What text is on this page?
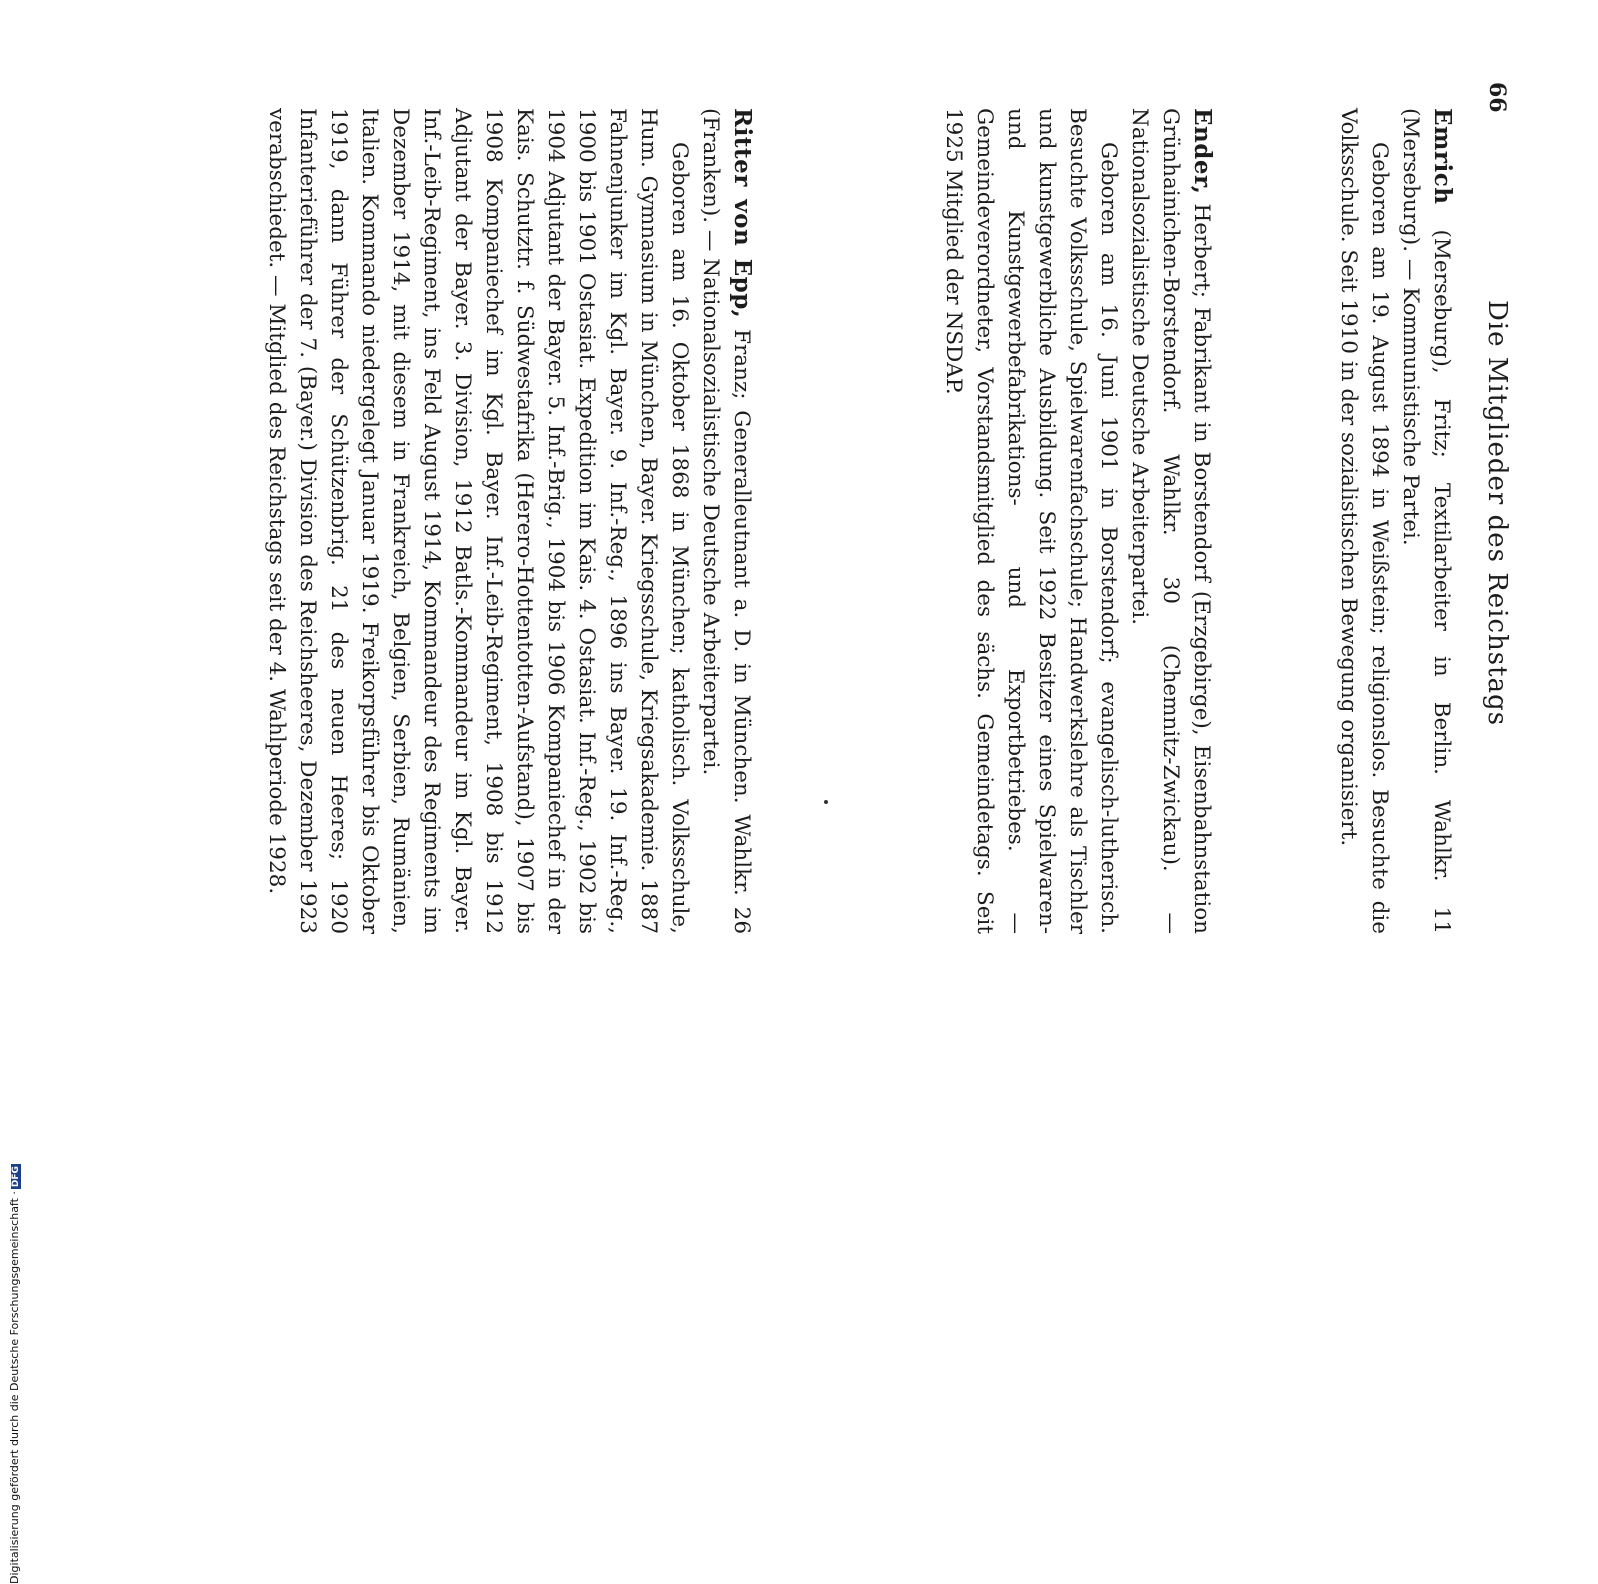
66
Die Mitglieder des Reichstags

Emrich (Merseburg), Fritz; Textilarbeiter in Berlin. Wahlkr. 11 (Merseburg). — Kommunistische Partei.

Geboren am 19. August 1894 in Weißstein; religionslos. Besuchte die Volksschule. Seit 1910 in der sozialistischen Bewegung organisiert.

Ender, Herbert; Fabrikant in Borstendorf (Erzgebirge), Eisenbahnstation Grünhainichen-Borstendorf. Wahlkr. 30 (Chemnitz-Zwickau). — Nationalsozialistische Deutsche Arbeiterpartei.

Geboren am 16. Juni 1901 in Borstendorf; evangelisch-lutherisch. Besuchte Volksschule, Spielwarenfachschule; Handwerkslehre als Tischler und kunstgewerbliche Ausbildung. Seit 1922 Besitzer eines Spielwaren- und Kunstgewerbefabrikations- und Exportbetriebes. — Gemeindeverordneter, Vorstandsmitglied des sächs. Gemeindetags. Seit 1925 Mitglied der NSDAP.

Ritter von Epp, Franz; Generalleutnant a. D. in München. Wahlkr. 26 (Franken). — Nationalsozialistische Deutsche Arbeiterpartei.

Geboren am 16. Oktober 1868 in München; katholisch. Volksschule, Hum. Gymnasium in München, Bayer. Kriegsschule, Kriegsakademie. 1887 Fahnenjunker im Kgl. Bayer. 9. Inf.-Reg., 1896 ins Bayer. 19. Inf.-Reg., 1900 bis 1901 Ostasiat. Expedition im Kais. 4. Ostasiat. Inf.-Reg., 1902 bis 1904 Adjutant der Bayer. 5. Inf.-Brig., 1904 bis 1906 Kompaniechef in der Kais. Schutztr. f. Südwestafrika (Herero-Hottentotten-Aufstand), 1907 bis 1908 Kompaniechef im Kgl. Bayer. Inf.-Leib-Regiment, 1908 bis 1912 Adjutant der Bayer. 3. Division, 1912 Batls.-Kommandeur im Kgl. Bayer. Inf.-Leib-Regiment, ins Feld August 1914, Kommandeur des Regiments im Dezember 1914, mit diesem in Frankreich, Belgien, Serbien, Rumänien, Italien. Kommando niedergelegt Januar 1919. Freikorpsführer bis Oktober 1919, dann Führer der Schützenbrig. 21 des neuen Heeres; 1920 Infanterieführer der 7. (Bayer.) Division des Reichsheeres, Dezember 1923 verabschiedet. — Mitglied des Reichstags seit der 4. Wahlperiode 1928.

Digitalisierung gefördert durch die Deutsche Forschungsgemeinschaft ·DFG
